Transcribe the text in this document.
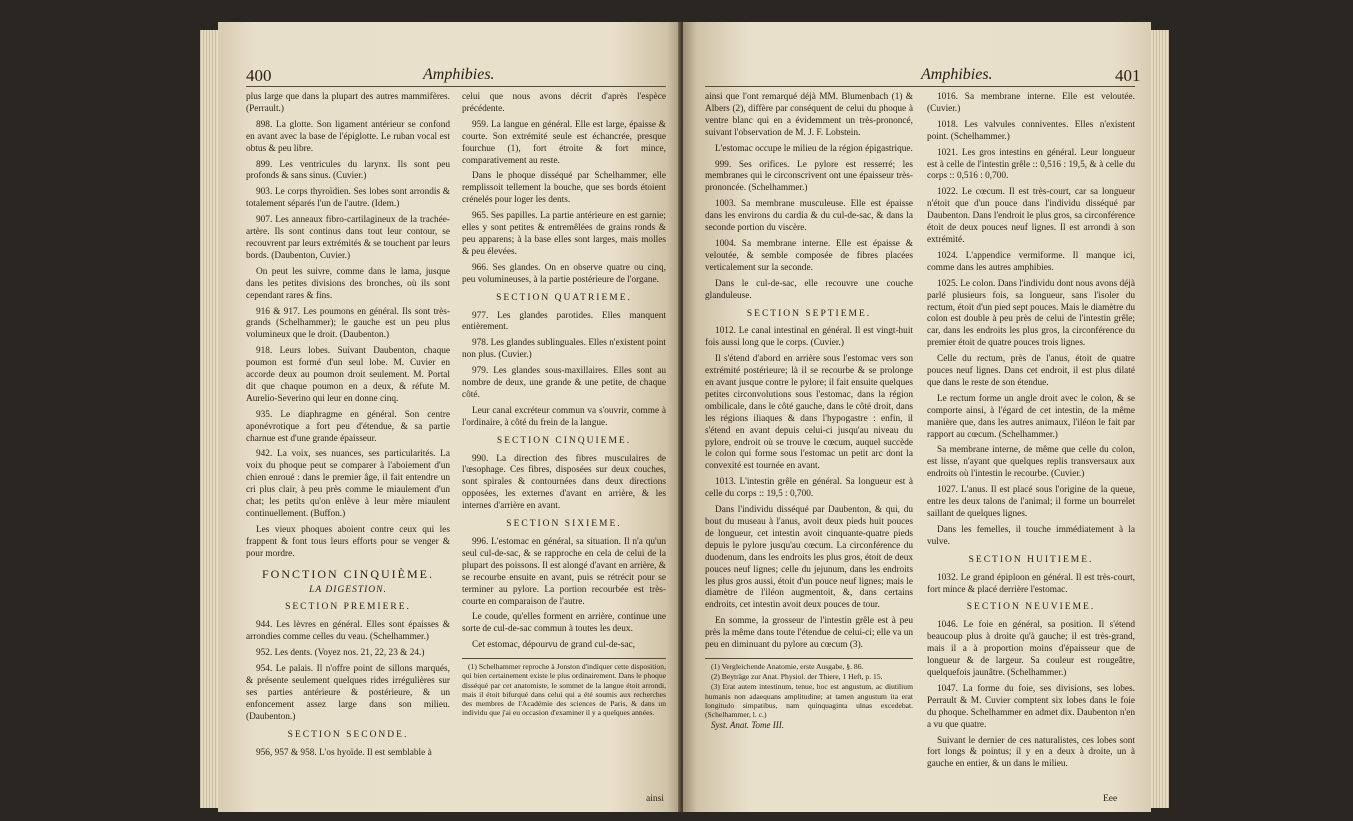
400	Amphibies.

plus large que dans la plupart des autres mammifères. (Perrault.)

898. La glotte. Son ligament antérieur se confond en avant avec la base de l'épiglotte. Le ruban vocal est obtus & peu libre.

899. Les ventricules du larynx. Ils sont peu profonds & sans sinus. (Cuvier.)

903. Le corps thyroïdien. Ses lobes sont arrondis & totalement séparés l'un de l'autre. (Idem.)

907. Les anneaux fibro-cartilagineux de la trachée-artère. Ils sont continus dans tout leur contour, se recouvrent par leurs extrémités & se touchent par leurs bords. (Daubenton, Cuvier.)

On peut les suivre, comme dans le lama, jusque dans les petites divisions des bronches, où ils sont cependant rares & fins.

916 & 917. Les poumons en général. Ils sont très-grands (Schelhammer); le gauche est un peu plus volumineux que le droit. (Daubenton.)

918. Leurs lobes. Suivant Daubenton, chaque poumon est formé d'un seul lobe. M. Cuvier en accorde deux au poumon droit seulement. M. Portal dit que chaque poumon en a deux, & réfute M. Aurelio-Severino qui leur en donne cinq.

935. Le diaphragme en général. Son centre aponévrotique a fort peu d'étendue, & sa partie charnue est d'une grande épaisseur.

942. La voix, ses nuances, ses particularités. La voix du phoque peut se comparer à l'aboiement d'un chien enroué : dans le premier âge, il fait entendre un cri plus clair, à peu près comme le miaulement d'un chat; les petits qu'on enlève à leur mère miaulent continuellement. (Buffon.)

Les vieux phoques aboient contre ceux qui les frappent & font tous leurs efforts pour se venger & pour mordre.

FONCTION CINQUIÈME.
LA DIGESTION.
SECTION PREMIERE.

944. Les lèvres en général. Elles sont épaisses & arrondies comme celles du veau. (Schelhammer.)

952. Les dents. (Voyez nos. 21, 22, 23 & 24.)

954. Le palais. Il n'offre point de sillons marqués, & présente seulement quelques rides irrégulières sur ses parties antérieure & postérieure, & un enfoncement assez large dans son milieu. (Daubenton.)

SECTION SECONDE.

956, 957 & 958. L'os hyoïde. Il est semblable à

celui que nous avons décrit d'après l'espèce précédente.

959. La langue en général. Elle est large, épaisse & courte. Son extrémité seule est échancrée, presque fourchue (1), fort étroite & fort mince, comparativement au reste.

Dans le phoque disséqué par Schelhammer, elle remplissoit tellement la bouche, que ses bords étoient crénelés pour loger les dents.

965. Ses papilles. La partie antérieure en est garnie; elles y sont petites & entremêlées de grains ronds & peu apparens; à la base elles sont larges, mais molles & peu élevées.

966. Ses glandes. On en observe quatre ou cinq, peu volumineuses, à la partie postérieure de l'organe.

SECTION QUATRIEME.

977. Les glandes parotides. Elles manquent entièrement.

978. Les glandes sublinguales. Elles n'existent point non plus. (Cuvier.)

979. Les glandes sous-maxillaires. Elles sont au nombre de deux, une grande & une petite, de chaque côté.

Leur canal excréteur commun va s'ouvrir, comme à l'ordinaire, à côté du frein de la langue.

SECTION CINQUIEME.

990. La direction des fibres musculaires de l'œsophage. Ces fibres, disposées sur deux couches, sont spirales & contournées dans deux directions opposées, les externes d'avant en arrière, & les internes d'arrière en avant.

SECTION SIXIEME.

996. L'estomac en général, sa situation. Il n'a qu'un seul cul-de-sac, & se rapproche en cela de celui de la plupart des poissons. Il est alongé d'avant en arrière, & se recourbe ensuite en avant, puis se rétrécit pour se terminer au pylore. La portion recourbée est très-courte en comparaison de l'autre.

Le coude, qu'elles forment en arrière, continue une sorte de cul-de-sac commun à toutes les deux.

Cet estomac, dépourvu de grand cul-de-sac,

(1) Schelhammer reproche à Jonston d'indiquer cette disposition, qui bien certainement existe le plus ordinairement. Dans le phoque disséqué par cet anatomiste, le sommet de la langue étoit arrondi, mais il étoit bifurqué dans celui qui a été soumis aux recherches des membres de l'Académie des sciences de Paris, & dans un individu que j'ai eu occasion d'examiner il y a quelques années.

ainsi
Amphibies.	401

ainsi que l'ont remarqué déjà MM. Blumenbach (1) & Albers (2), diffère par conséquent de celui du phoque à ventre blanc qui en a évidemment un très-prononcé, suivant l'observation de M. J. F. Lobstein.

L'estomac occupe le milieu de la région épigastrique.

999. Ses orifices. Le pylore est resserré; les membranes qui le circonscrivent ont une épaisseur très-prononcée. (Schelhammer.)

1003. Sa membrane musculeuse. Elle est épaisse dans les environs du cardia & du cul-de-sac, & dans la seconde portion du viscère.

1004. Sa membrane interne. Elle est épaisse & veloutée, & semble composée de fibres placées verticalement sur la seconde.

Dans le cul-de-sac, elle recouvre une couche glanduleuse.

SECTION SEPTIEME.

1012. Le canal intestinal en général. Il est vingt-huit fois aussi long que le corps. (Cuvier.)

Il s'étend d'abord en arrière sous l'estomac vers son extrémité postérieure; là il se recourbe & se prolonge en avant jusque contre le pylore; il fait ensuite quelques petites circonvolutions sous l'estomac, dans la région ombilicale, dans le côté gauche, dans le côté droit, dans les régions iliaques & dans l'hypogastre : enfin, il s'étend en avant depuis celui-ci jusqu'au niveau du pylore, endroit où se trouve le cœcum, auquel succède le colon qui forme sous l'estomac un petit arc dont la convexité est tournée en avant.

1013. L'intestin grêle en général. Sa longueur est à celle du corps :: 19,5 : 0,700.

Dans l'individu disséqué par Daubenton, & qui, du bout du museau à l'anus, avoit deux pieds huit pouces de longueur, cet intestin avoit cinquante-quatre pieds depuis le pylore jusqu'au cœcum. La circonférence du duodenum, dans les endroits les plus gros, étoit de deux pouces neuf lignes; celle du jejunum, dans les endroits les plus gros aussi, étoit d'un pouce neuf lignes; mais le diamètre de l'iléon augmentoit, &, dans certains endroits, cet intestin avoit deux pouces de tour.

En somme, la grosseur de l'intestin grêle est à peu près la même dans toute l'étendue de celui-ci; elle va un peu en diminuant du pylore au cœcum (3).

(1) Vergleichende Anatomie, erste Ausgabe, §. 86.

(2) Beyträge zur Anat. Physiol. der Thiere, 1 Heft, p. 15.

(3) Erat autem intestinum, tenue, hoc est angustum, ac diutilium humanis non adaequans amplitudine; at tamen angustum ita erat longitudo simpatibus, nam quinquaginta ulnas excedebat. (Schelhammer, l. c.)

Syst. Anat. Tome III.

1016. Sa membrane interne. Elle est veloutée. (Cuvier.)

1018. Les valvules conniventes. Elles n'existent point. (Schelhammer.)

1021. Les gros intestins en général. Leur longueur est à celle de l'intestin grêle :: 0,516 : 19,5, & à celle du corps :: 0,516 : 0,700.

1022. Le cœcum. Il est très-court, car sa longueur n'étoit que d'un pouce dans l'individu disséqué par Daubenton. Dans l'endroit le plus gros, sa circonférence étoit de deux pouces neuf lignes. Il est arrondi à son extrémité.

1024. L'appendice vermiforme. Il manque ici, comme dans les autres amphibies.

1025. Le colon. Dans l'individu dont nous avons déjà parlé plusieurs fois, sa longueur, sans l'isoler du rectum, étoit d'un pied sept pouces. Mais le diamètre du colon est double à peu près de celui de l'intestin grêle; car, dans les endroits les plus gros, la circonférence du premier étoit de quatre pouces trois lignes.

Celle du rectum, près de l'anus, étoit de quatre pouces neuf lignes. Dans cet endroit, il est plus dilaté que dans le reste de son étendue.

Le rectum forme un angle droit avec le colon, & se comporte ainsi, à l'égard de cet intestin, de la même manière que, dans les autres animaux, l'iléon le fait par rapport au cœcum. (Schelhammer.)

Sa membrane interne, de même que celle du colon, est lisse, n'ayant que quelques replis transversaux aux endroits où l'intestin le recourbe. (Cuvier.)

1027. L'anus. Il est placé sous l'origine de la queue, entre les deux talons de l'animal; il forme un bourrelet saillant de quelques lignes.

Dans les femelles, il touche immédiatement à la vulve.

SECTION HUITIEME.

1032. Le grand épiploon en général. Il est très-court, fort mince & placé derrière l'estomac.

SECTION NEUVIEME.

1046. Le foie en général, sa position. Il s'étend beaucoup plus à droite qu'à gauche; il est très-grand, mais il a à proportion moins d'épaisseur que de longueur & de largeur. Sa couleur est rougeâtre, quelquefois jaunâtre. (Schelhammer.)

1047. La forme du foie, ses divisions, ses lobes. Perrault & M. Cuvier comptent six lobes dans le foie du phoque. Schelhammer en admet dix. Daubenton n'en a vu que quatre.

Suivant le dernier de ces naturalistes, ces lobes sont fort longs & pointus; il y en a deux à droite, un à gauche en entier, & un dans le milieu.

Eee
